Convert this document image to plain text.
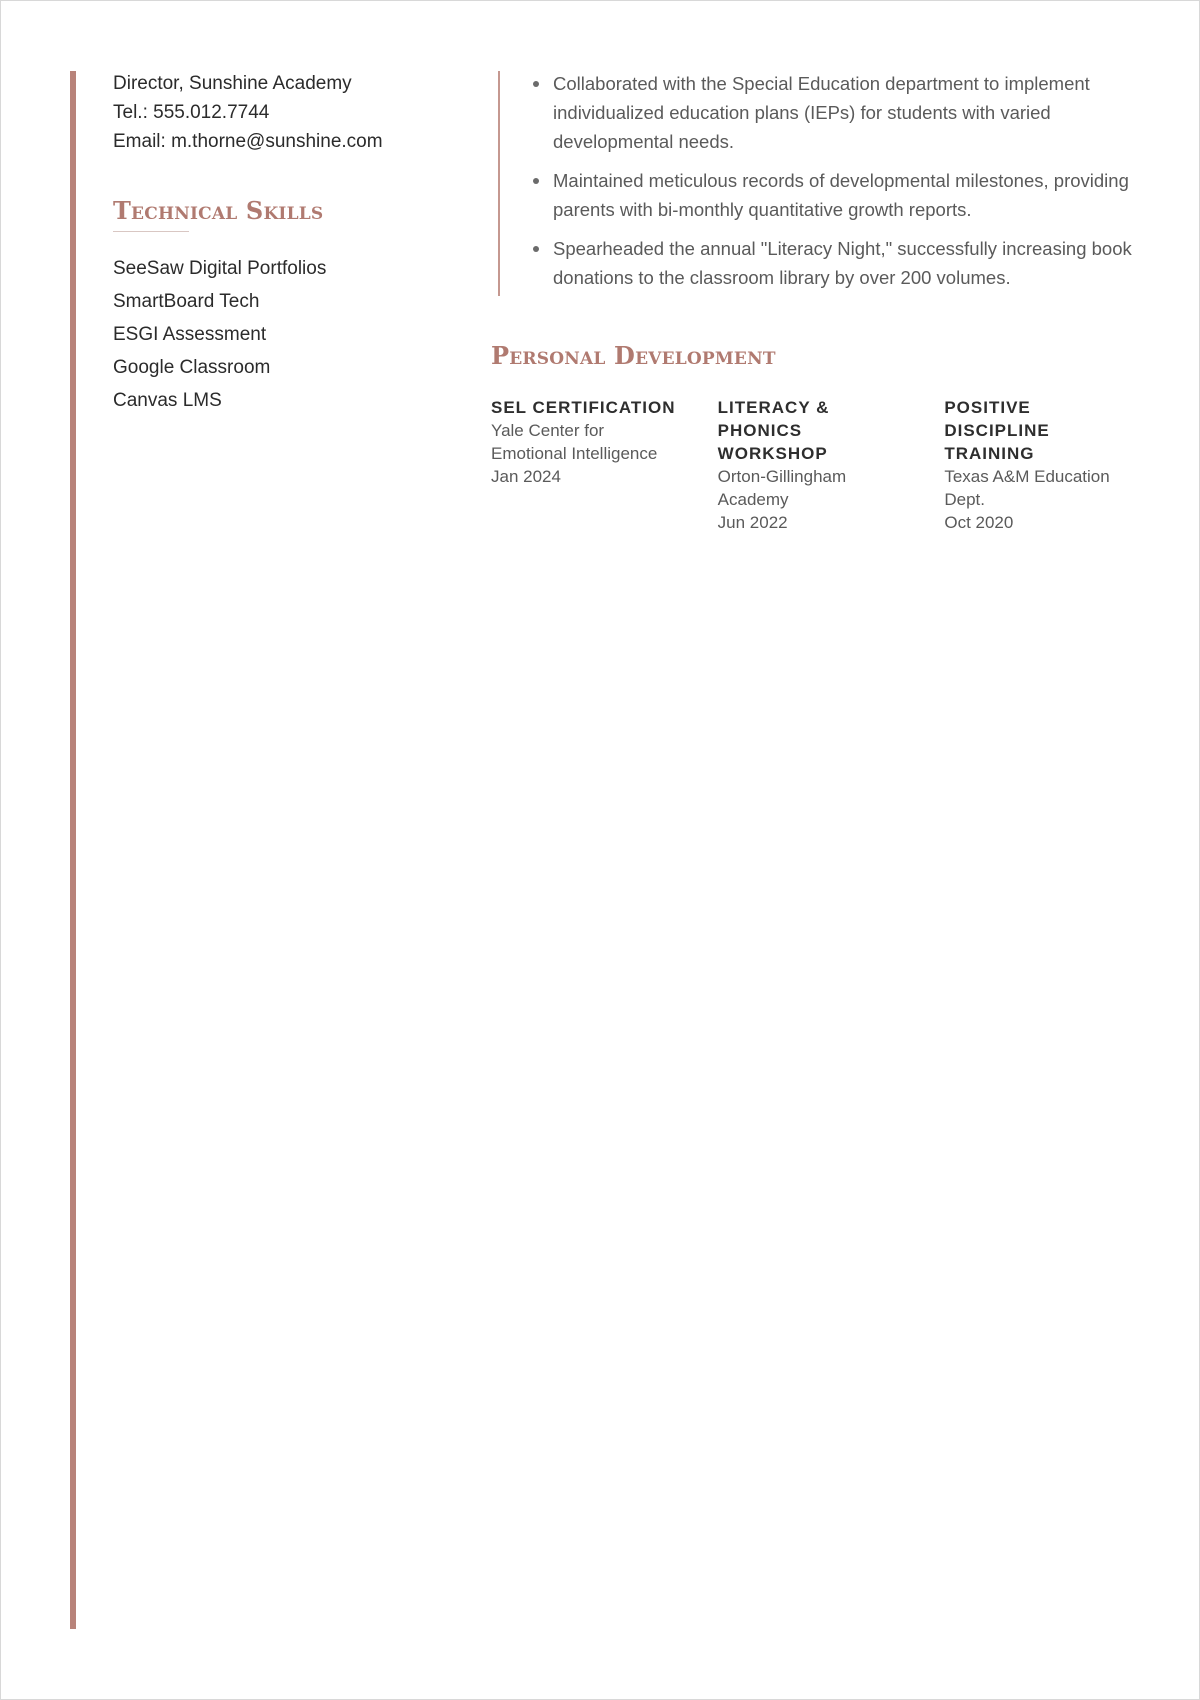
Director, Sunshine Academy
Tel.: 555.012.7744
Email: m.thorne@sunshine.com
Technical Skills
SeeSaw Digital Portfolios
SmartBoard Tech
ESGI Assessment
Google Classroom
Canvas LMS
Collaborated with the Special Education department to implement individualized education plans (IEPs) for students with varied developmental needs.
Maintained meticulous records of developmental milestones, providing parents with bi-monthly quantitative growth reports.
Spearheaded the annual "Literacy Night," successfully increasing book donations to the classroom library by over 200 volumes.
Personal Development
SEL CERTIFICATION
Yale Center for Emotional Intelligence
Jan 2024
LITERACY & PHONICS WORKSHOP
Orton-Gillingham Academy
Jun 2022
POSITIVE DISCIPLINE TRAINING
Texas A&M Education Dept.
Oct 2020
